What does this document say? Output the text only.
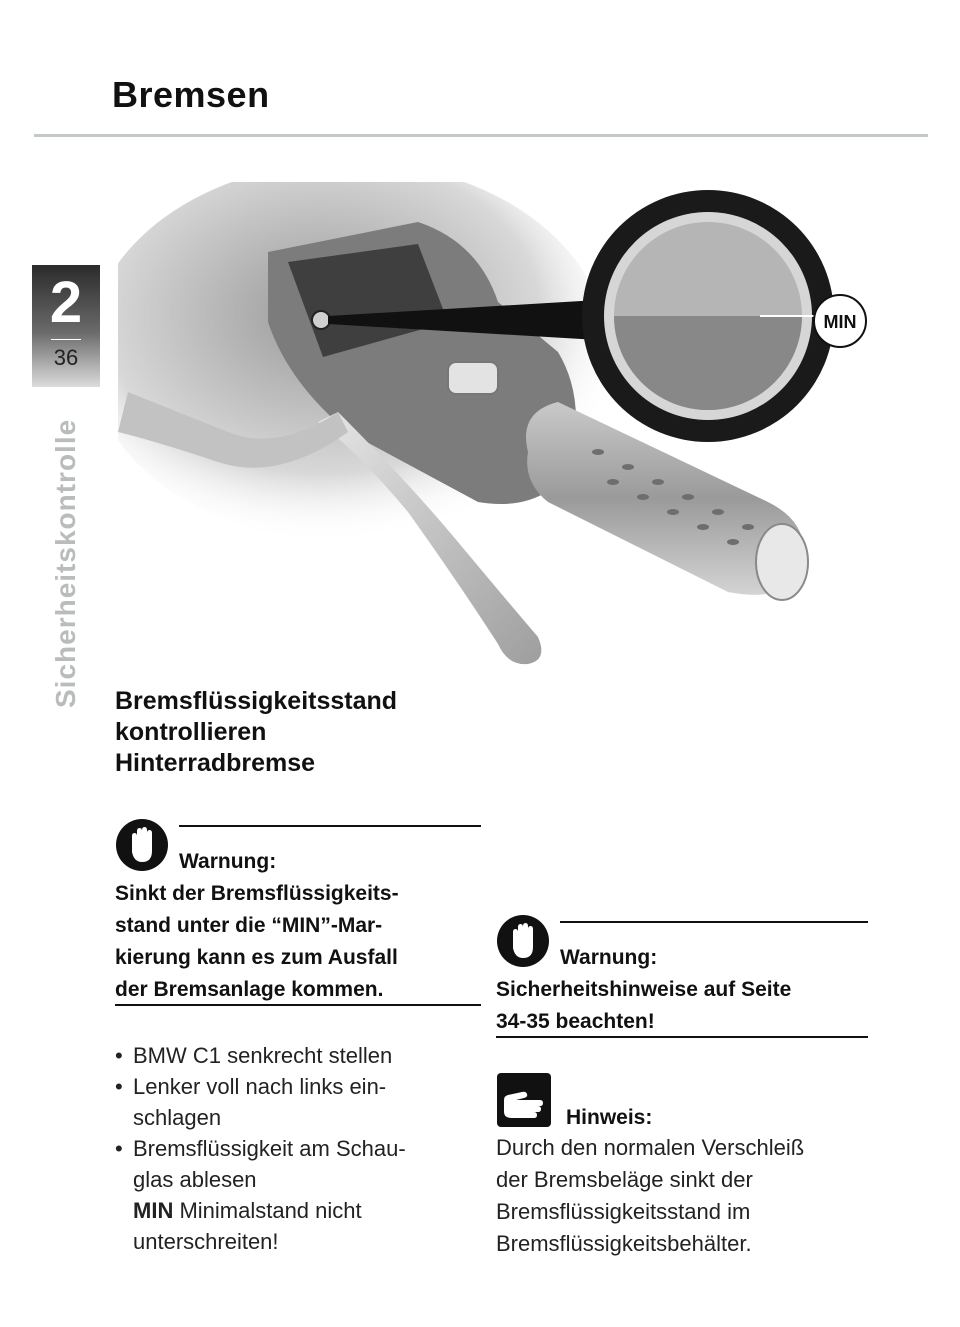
Bremsen
2
36
Sicherheitskontrolle
MIN
Bremsflüssigkeitsstand
kontrollieren
Hinterradbremse
Warnung:
Sinkt der Bremsflüssigkeits-
stand unter die “MIN”-Mar-
kierung kann es zum Ausfall
der Bremsanlage kommen.
• BMW C1 senkrecht stellen
• Lenker voll nach links ein-
schlagen
• Bremsflüssigkeit am Schau-
glas ablesen
MIN Minimalstand nicht
unterschreiten!
Warnung:
Sicherheitshinweise auf Seite
34-35 beachten!
Hinweis:
Durch den normalen Verschleiß
der Bremsbeläge sinkt der
Bremsflüssigkeitsstand im
Bremsflüssigkeitsbehälter.
